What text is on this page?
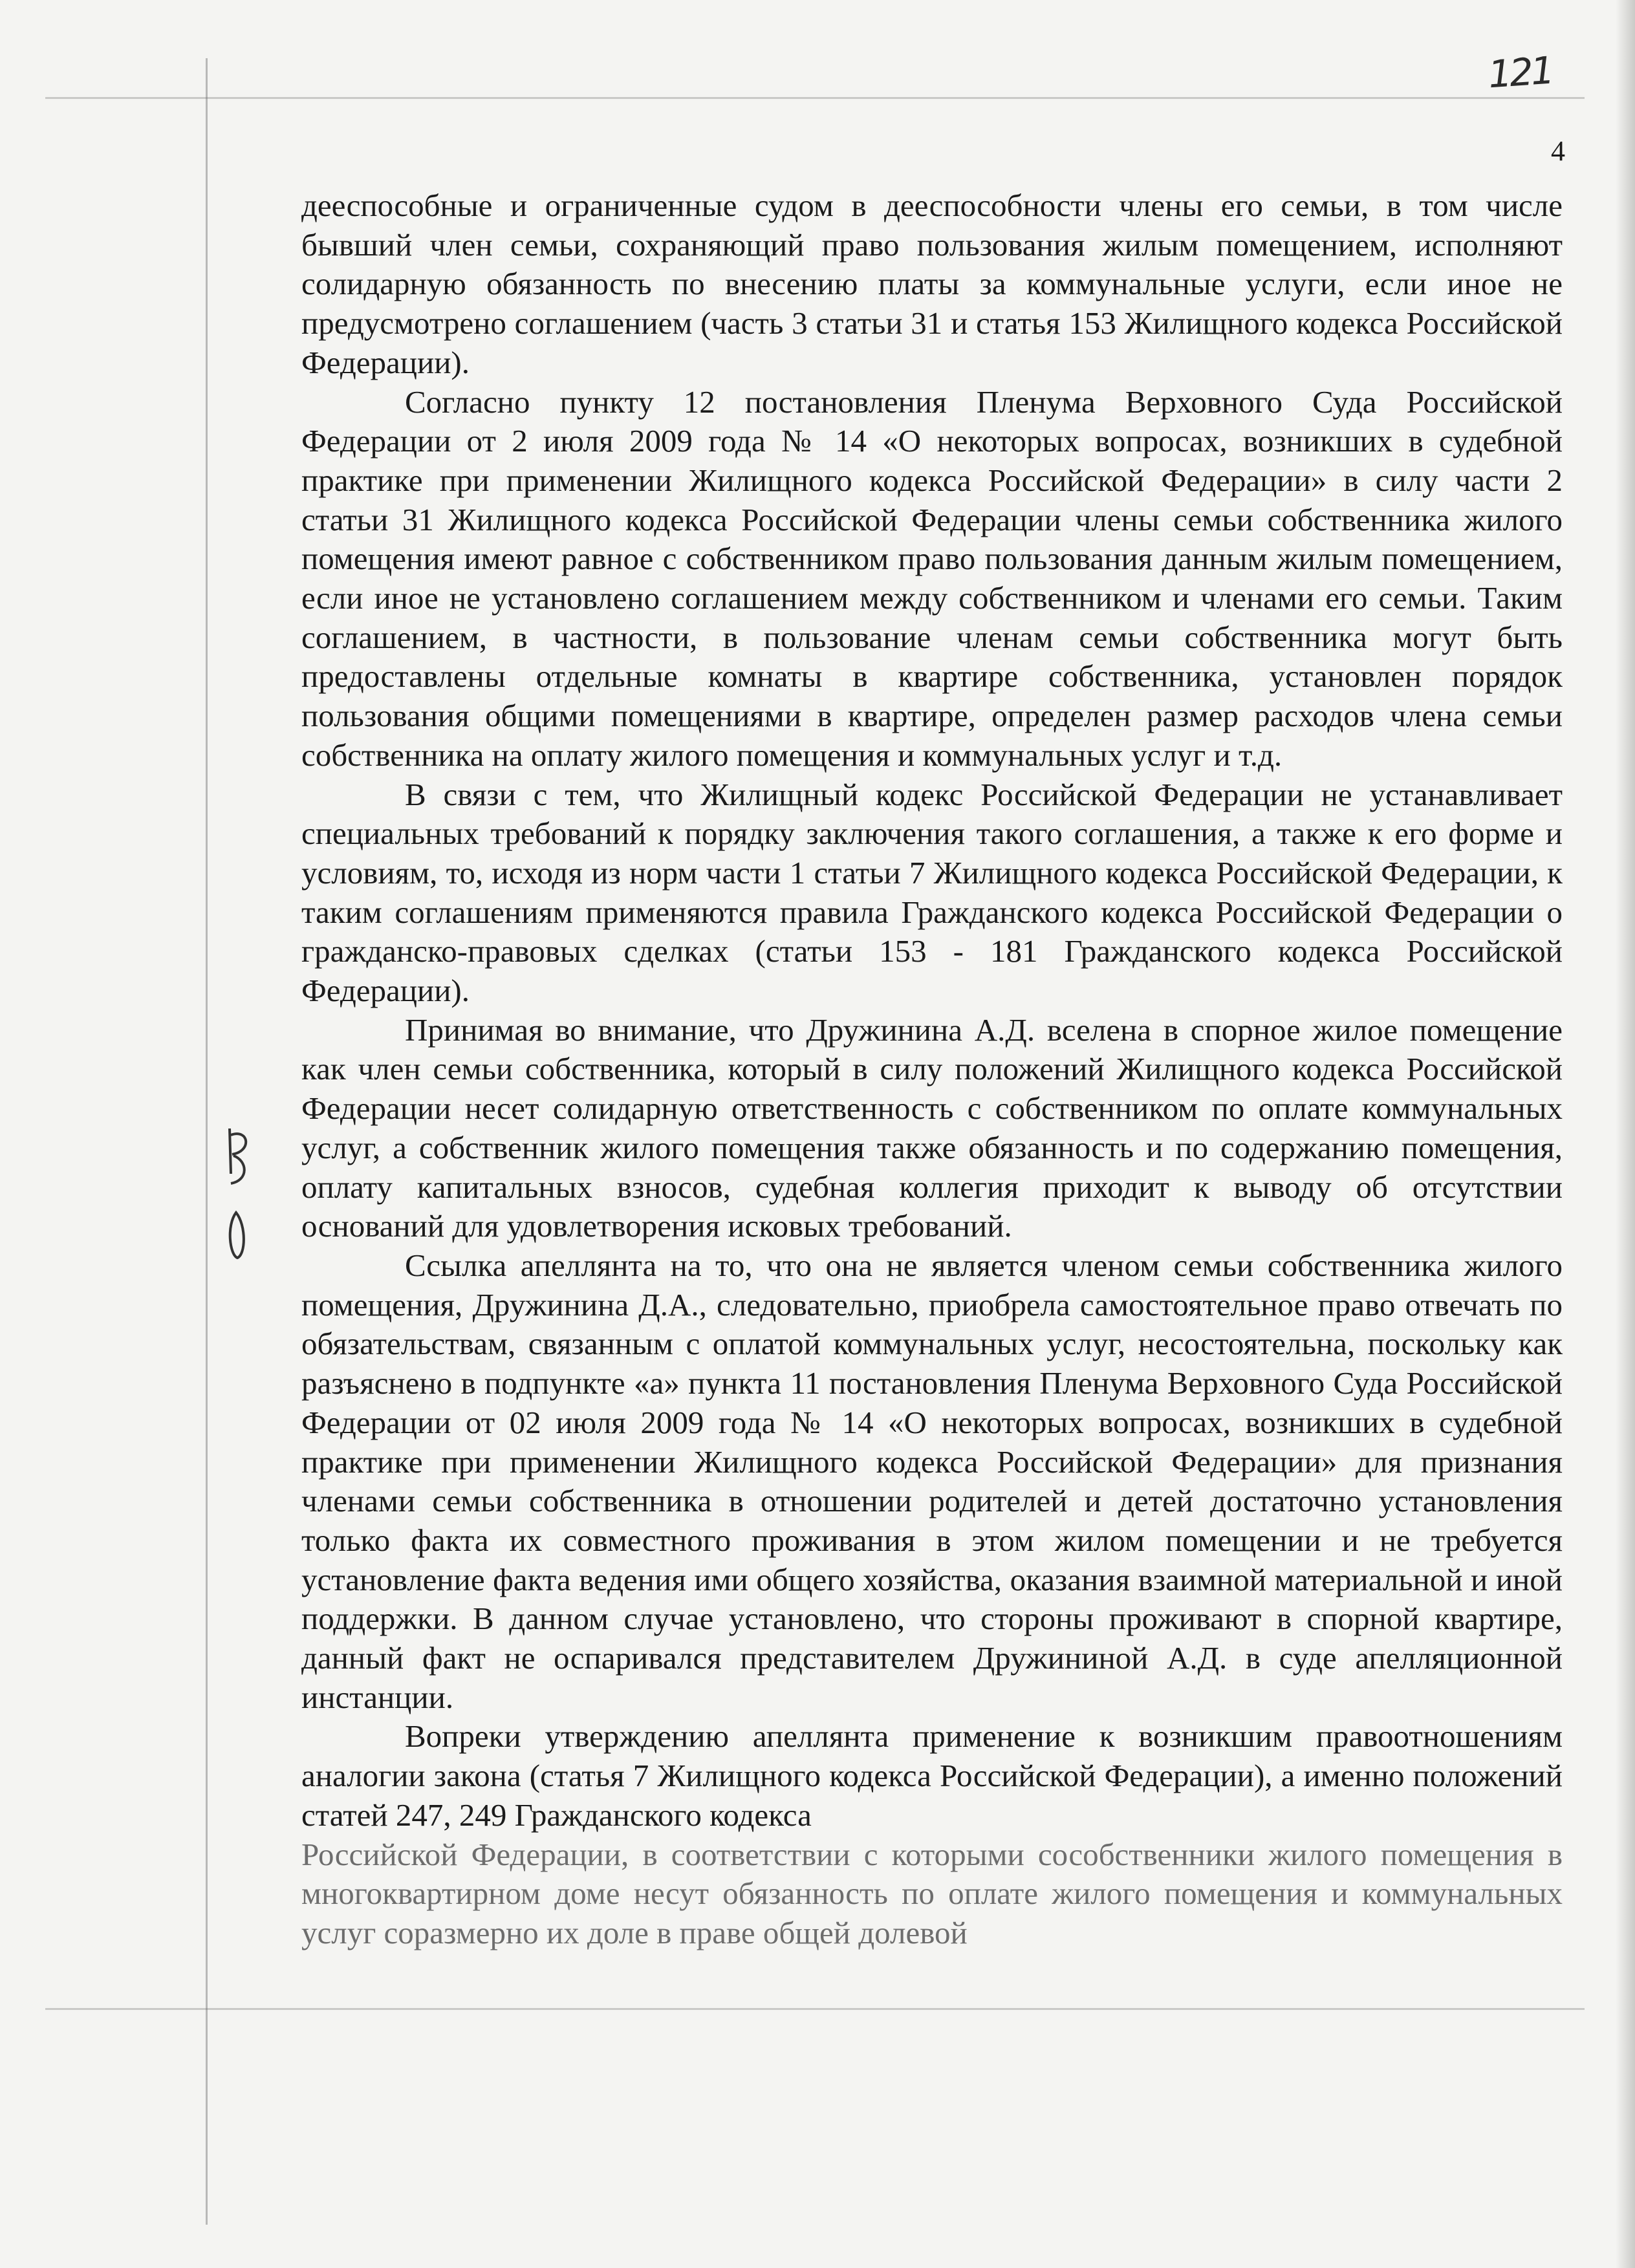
121
4

дееспособные и ограниченные судом в дееспособности члены его семьи, в том числе бывший член семьи, сохраняющий право пользования жилым помещением, исполняют солидарную обязанность по внесению платы за коммунальные услуги, если иное не предусмотрено соглашением (часть 3 статьи 31 и статья 153 Жилищного кодекса Российской Федерации).

Согласно пункту 12 постановления Пленума Верховного Суда Российской Федерации от 2 июля 2009 года № 14 «О некоторых вопросах, возникших в судебной практике при применении Жилищного кодекса Российской Федерации» в силу части 2 статьи 31 Жилищного кодекса Российской Федерации члены семьи собственника жилого помещения имеют равное с собственником право пользования данным жилым помещением, если иное не установлено соглашением между собственником и членами его семьи. Таким соглашением, в частности, в пользование членам семьи собственника могут быть предоставлены отдельные комнаты в квартире собственника, установлен порядок пользования общими помещениями в квартире, определен размер расходов члена семьи собственника на оплату жилого помещения и коммунальных услуг и т.д.

В связи с тем, что Жилищный кодекс Российской Федерации не устанавливает специальных требований к порядку заключения такого соглашения, а также к его форме и условиям, то, исходя из норм части 1 статьи 7 Жилищного кодекса Российской Федерации, к таким соглашениям применяются правила Гражданского кодекса Российской Федерации о гражданско-правовых сделках (статьи 153 - 181 Гражданского кодекса Российской Федерации).

Принимая во внимание, что Дружинина А.Д. вселена в спорное жилое помещение как член семьи собственника, который в силу положений Жилищного кодекса Российской Федерации несет солидарную ответственность с собственником по оплате коммунальных услуг, а собственник жилого помещения также обязанность и по содержанию помещения, оплату капитальных взносов, судебная коллегия приходит к выводу об отсутствии оснований для удовлетворения исковых требований.

Ссылка апеллянта на то, что она не является членом семьи собственника жилого помещения, Дружинина Д.А., следовательно, приобрела самостоятельное право отвечать по обязательствам, связанным с оплатой коммунальных услуг, несостоятельна, поскольку как разъяснено в подпункте «а» пункта 11 постановления Пленума Верховного Суда Российской Федерации от 02 июля 2009 года № 14 «О некоторых вопросах, возникших в судебной практике при применении Жилищного кодекса Российской Федерации» для признания членами семьи собственника в отношении родителей и детей достаточно установления только факта их совместного проживания в этом жилом помещении и не требуется установление факта ведения ими общего хозяйства, оказания взаимной материальной и иной поддержки. В данном случае установлено, что стороны проживают в спорной квартире, данный факт не оспаривался представителем Дружининой А.Д. в суде апелляционной инстанции.

Вопреки утверждению апеллянта применение к возникшим правоотношениям аналогии закона (статья 7 Жилищного кодекса Российской Федерации), а именно положений статей 247, 249 Гражданского кодекса

Российской Федерации, в соответствии с которыми сособственники жилого помещения в многоквартирном доме несут обязанность по оплате жилого помещения и коммунальных услуг соразмерно их доле в праве общей долевой
